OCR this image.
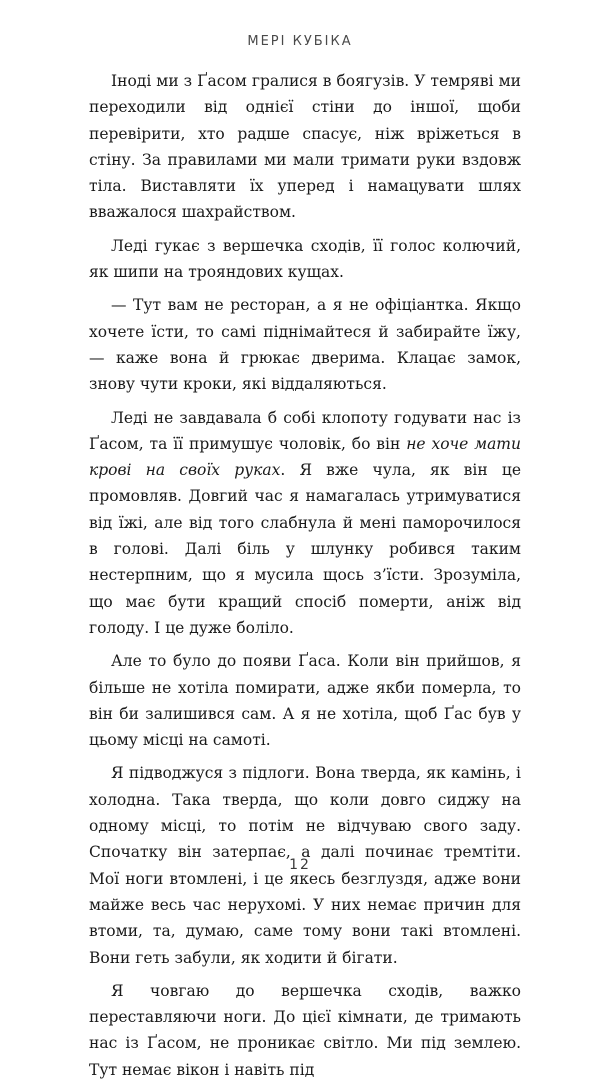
МЕРІ КУБІКА

Іноді ми з Ґасом гралися в боягузів. У темряві ми переходили від однієї стіни до іншої, щоби перевірити, хто радше спасує, ніж вріжеться в стіну. За правилами ми мали тримати руки вздовж тіла. Виставляти їх уперед і намацувати шлях вважалося шахрайством.

Леді гукає з вершечка сходів, її голос колючий, як шипи на трояндових кущах.

— Тут вам не ресторан, а я не офіціантка. Якщо хочете їсти, то самі піднімайтеся й забирайте їжу, — каже вона й грюкає дверима. Клацає замок, знову чути кроки, які віддаляються.

Леді не завдавала б собі клопоту годувати нас із Ґасом, та її примушує чоловік, бо він не хоче мати крові на своїх руках. Я вже чула, як він це промовляв. Довгий час я намагалась утримуватися від їжі, але від того слабнула й мені паморочилося в голові. Далі біль у шлунку робився таким нестерпним, що я мусила щось з’їсти. Зрозуміла, що має бути кращий спосіб померти, аніж від голоду. І це дуже боліло.

Але то було до появи Ґаса. Коли він прийшов, я більше не хотіла помирати, адже якби померла, то він би залишився сам. А я не хотіла, щоб Ґас був у цьому місці на самоті.

Я підводжуся з підлоги. Вона тверда, як камінь, і холодна. Така тверда, що коли довго сиджу на одному місці, то потім не відчуваю свого заду. Спочатку він затерпає, а далі починає тремтіти. Мої ноги втомлені, і це якесь безглуздя, адже вони майже весь час нерухомі. У них немає причин для втоми, та, думаю, саме тому вони такі втомлені. Вони геть забули, як ходити й бігати.

Я човгаю до вершечка сходів, важко переставляючи ноги. До цієї кімнати, де тримають нас із Ґасом, не проникає світло. Ми під землею. Тут немає вікон і навіть під

12
